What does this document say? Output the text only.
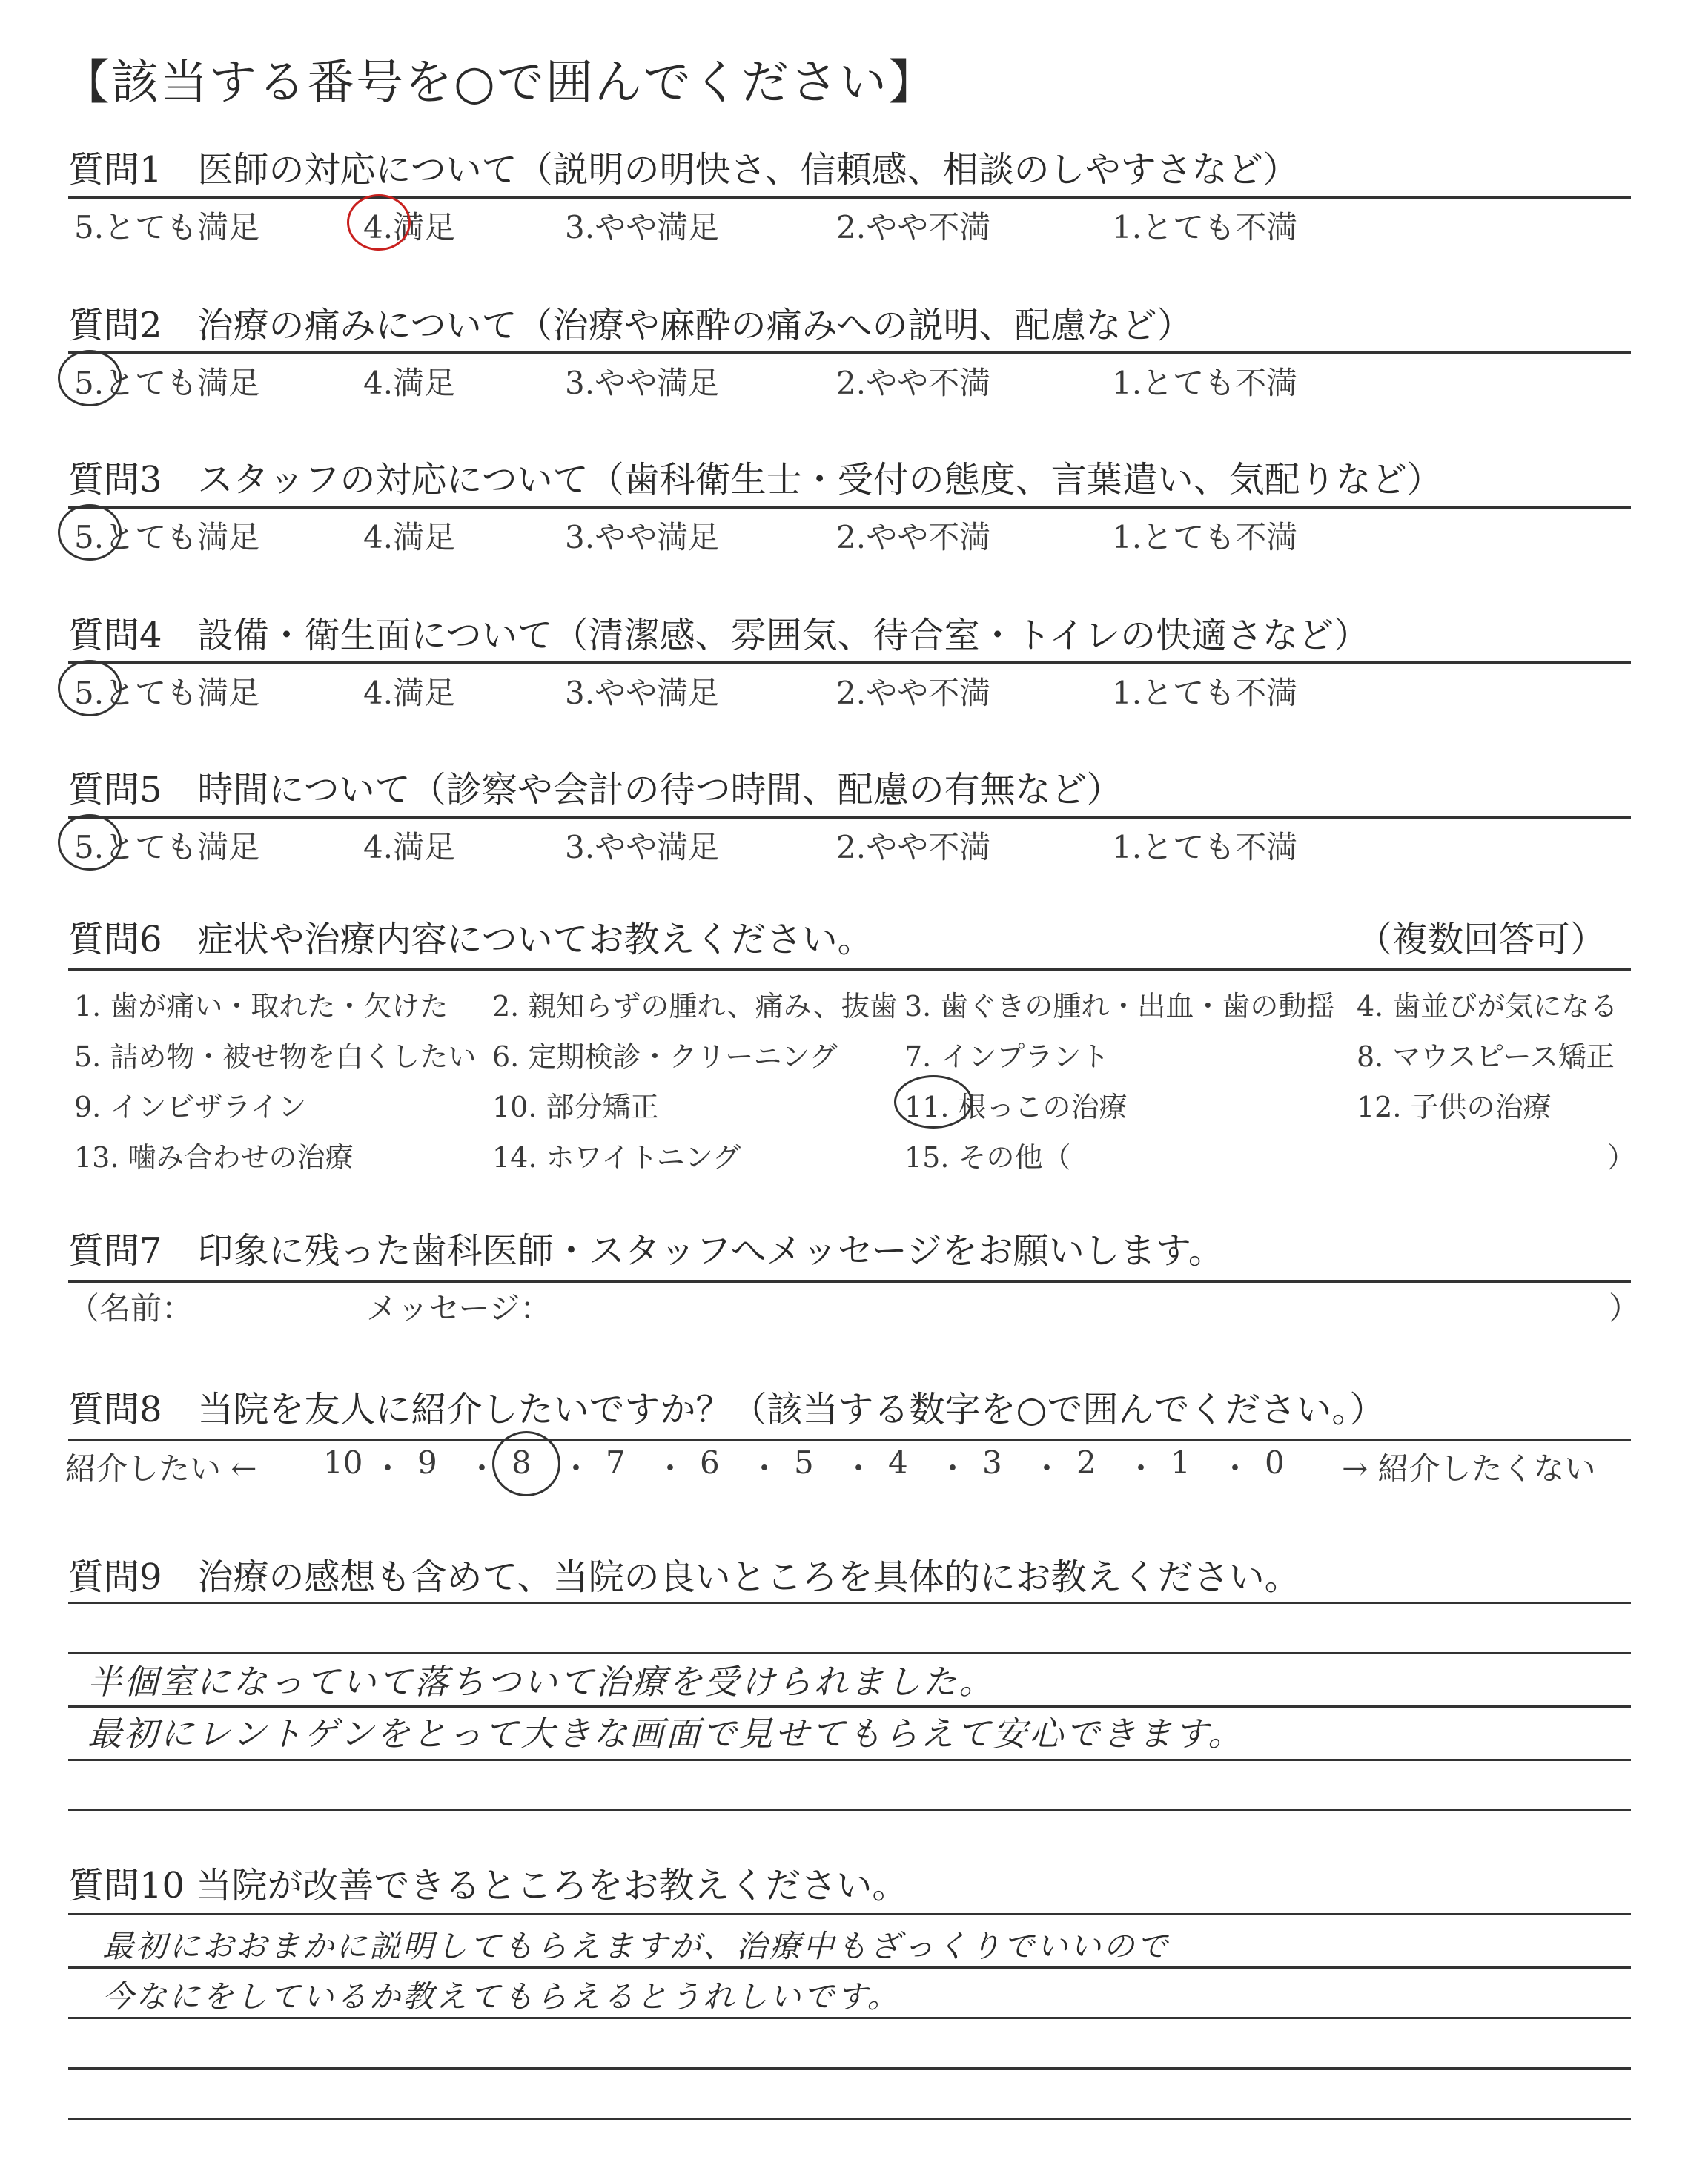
【該当する番号を○で囲んでください】
質問1　医師の対応について（説明の明快さ、信頼感、相談のしやすさなど）
5.とても満足	4.満足	3.やや満足	2.やや不満	1.とても不満
質問2　治療の痛みについて（治療や麻酔の痛みへの説明、配慮など）
5.とても満足	4.満足	3.やや満足	2.やや不満	1.とても不満
質問3　スタッフの対応について（歯科衛生士・受付の態度、言葉遣い、気配りなど）
5.とても満足	4.満足	3.やや満足	2.やや不満	1.とても不満
質問4　設備・衛生面について（清潔感、雰囲気、待合室・トイレの快適さなど）
5.とても満足	4.満足	3.やや満足	2.やや不満	1.とても不満
質問5　時間について（診察や会計の待つ時間、配慮の有無など）
5.とても満足	4.満足	3.やや満足	2.やや不満	1.とても不満
質問6　症状や治療内容についてお教えください。	（複数回答可）
1. 歯が痛い・取れた・欠けた 2. 親知らずの腫れ、痛み、抜歯 3. 歯ぐきの腫れ・出血・歯の動揺 4. 歯並びが気になる
5. 詰め物・被せ物を白くしたい 6. 定期検診・クリーニング 7. インプラント	8. マウスピース矯正
9. インビザライン	10. 部分矯正	11. 根っこの治療	12. 子供の治療
13. 噛み合わせの治療	14. ホワイトニング	15. その他（	）
質問7　印象に残った歯科医師・スタッフへメッセージをお願いします。
（名前：	メッセージ：	）
質問8　当院を友人に紹介したいですか？（該当する数字を○で囲んでください。）
紹介したい ← 10 ・ 9 ・ 8 ・ 7 ・ 6 ・ 5 ・ 4 ・ 3 ・ 2 ・ 1 ・ 0 → 紹介したくない
質問9　治療の感想も含めて、当院の良いところを具体的にお教えください。
半個室になっていて落ちついて治療を受けられました。
最初にレントゲンをとって大きな画面で見せてもらえて安心できます。
質問10 当院が改善できるところをお教えください。
最初におおまかに説明してもらえますが、治療中もざっくりでいいので
今なにをしているか教えてもらえるとうれしいです。
